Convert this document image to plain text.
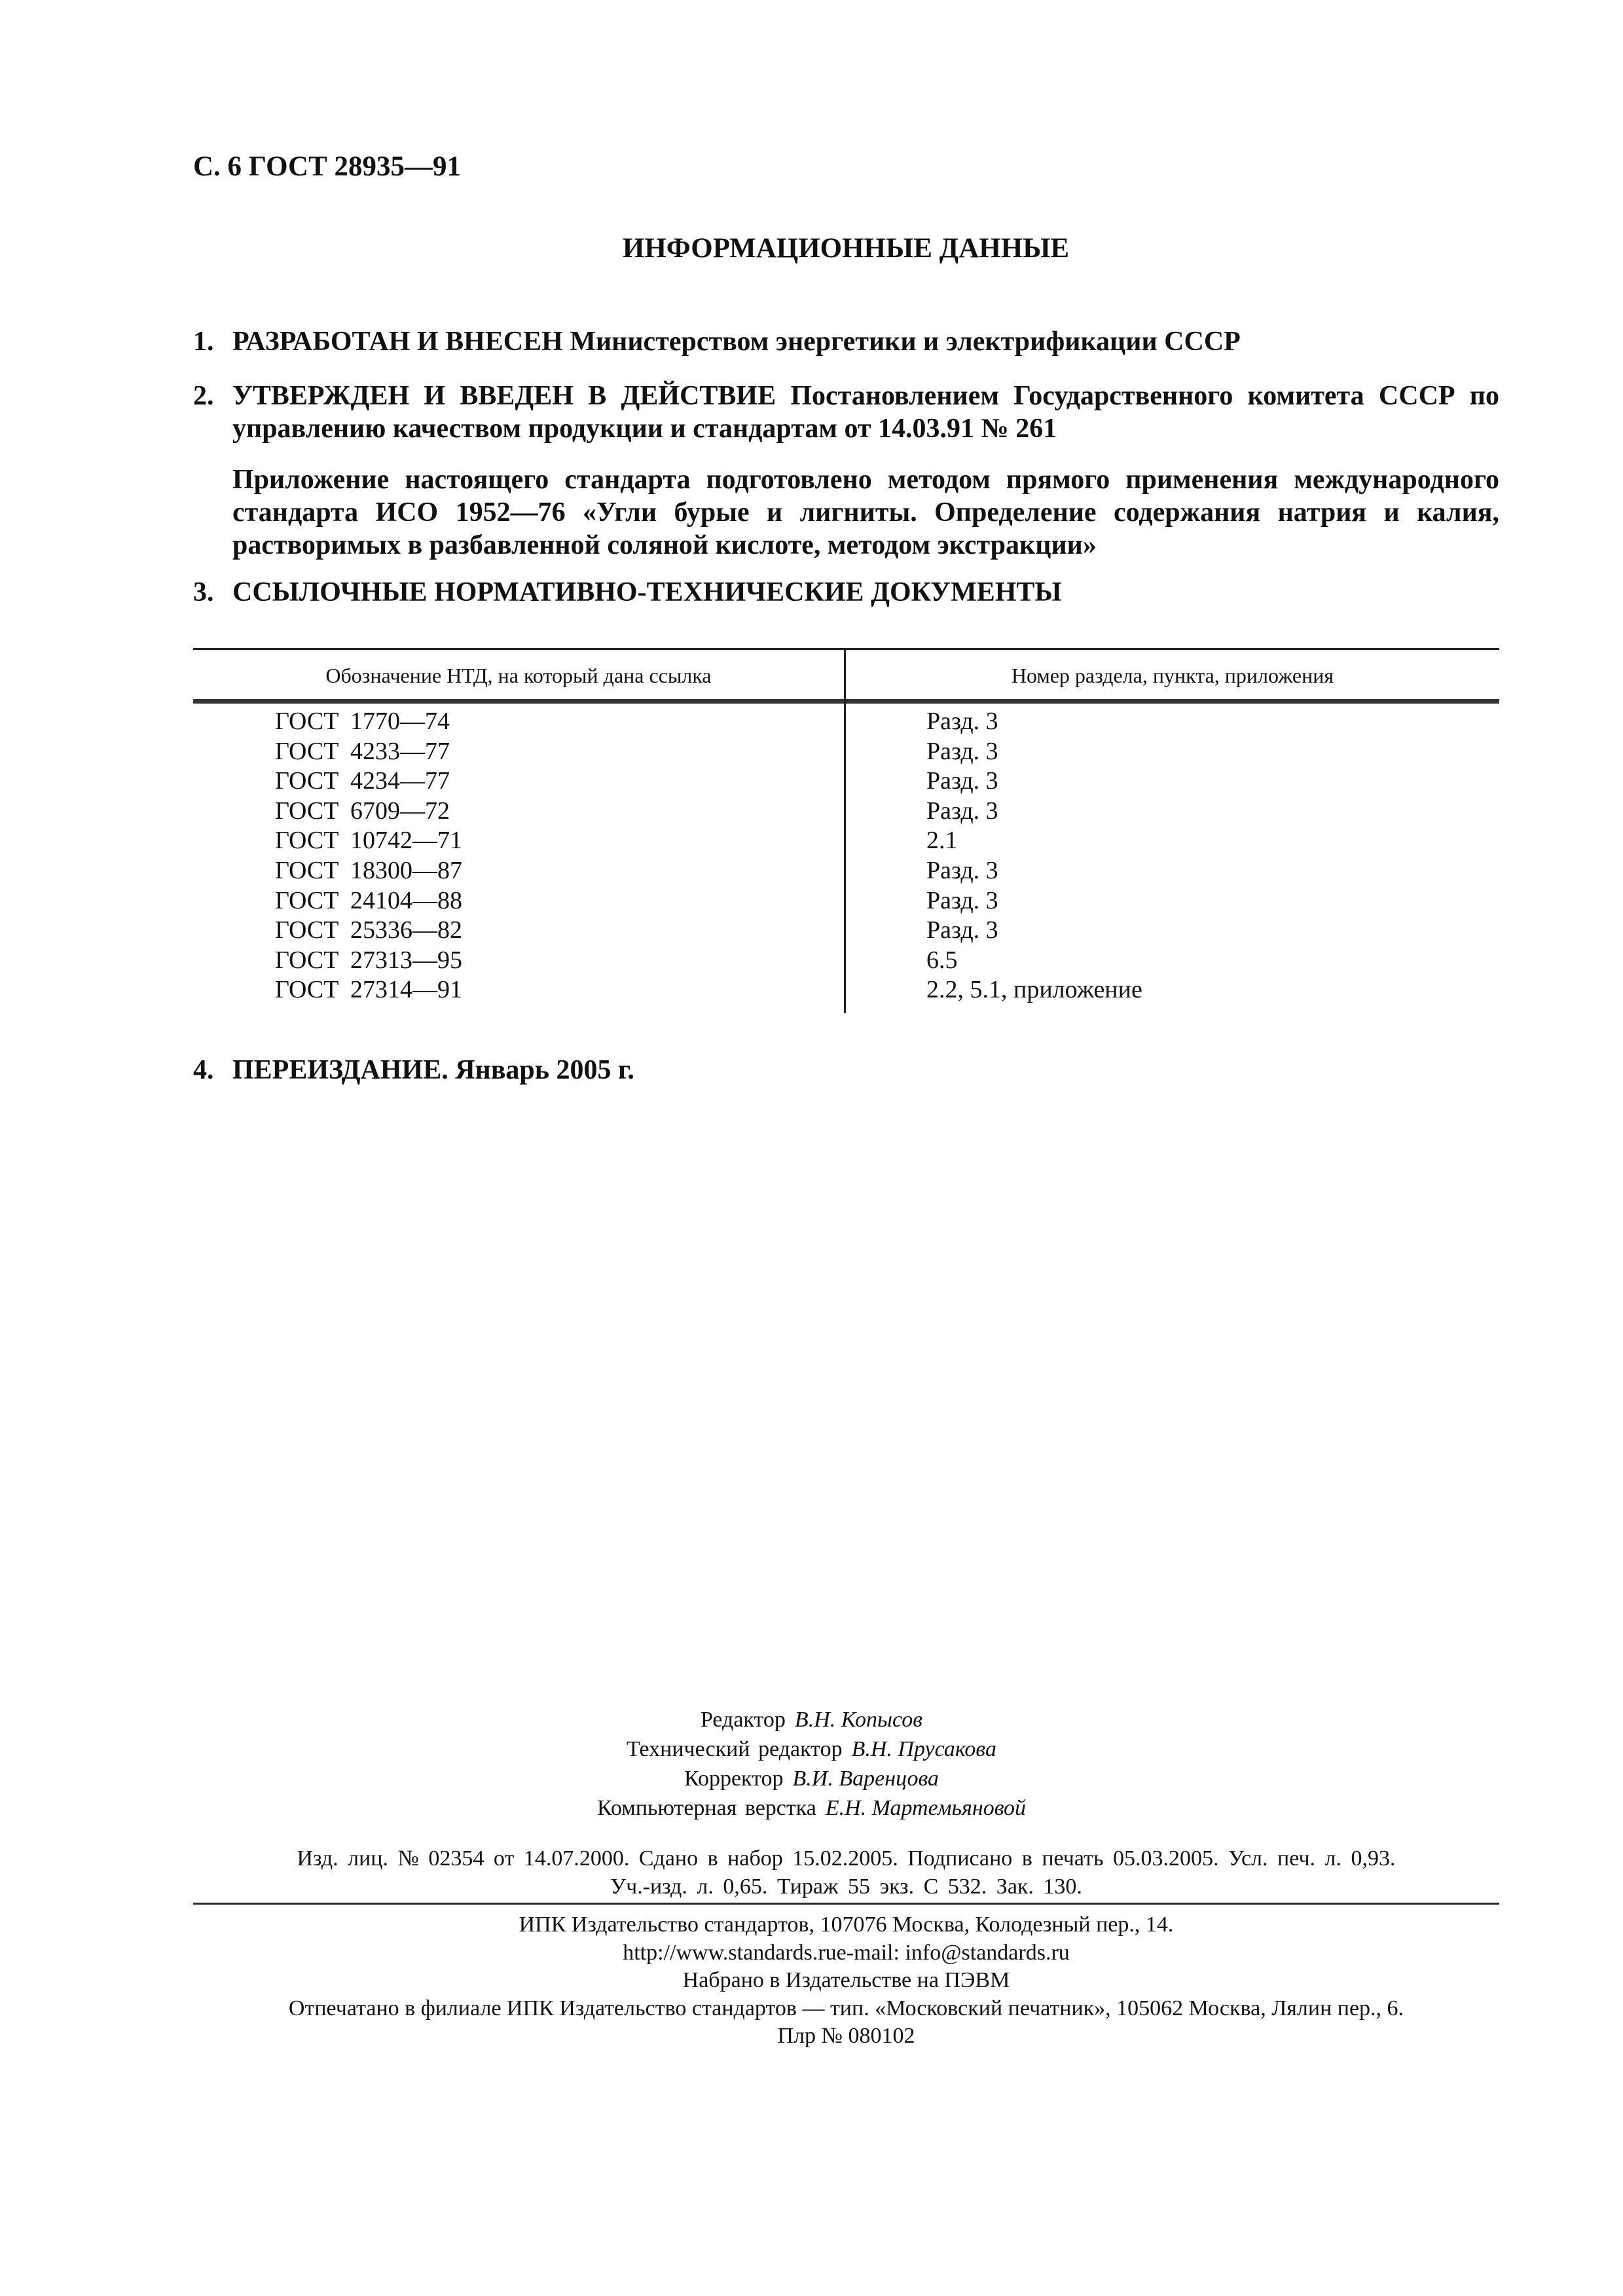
С. 6 ГОСТ 28935—91
ИНФОРМАЦИОННЫЕ ДАННЫЕ
1. РАЗРАБОТАН И ВНЕСЕН Министерством энергетики и электрификации СССР
2. УТВЕРЖДЕН И ВВЕДЕН В ДЕЙСТВИЕ Постановлением Государственного комитета СССР по управлению качеством продукции и стандартам от 14.03.91 № 261
Приложение настоящего стандарта подготовлено методом прямого применения международного стандарта ИСО 1952—76 «Угли бурые и лигниты. Определение содержания натрия и калия, растворимых в разбавленной соляной кислоте, методом экстракции»
3. ССЫЛОЧНЫЕ НОРМАТИВНО-ТЕХНИЧЕСКИЕ ДОКУМЕНТЫ
Обозначение НТД, на который дана ссылка	Номер раздела, пункта, приложения
ГОСТ 1770—74	Разд. 3
ГОСТ 4233—77	Разд. 3
ГОСТ 4234—77	Разд. 3
ГОСТ 6709—72	Разд. 3
ГОСТ 10742—71	2.1
ГОСТ 18300—87	Разд. 3
ГОСТ 24104—88	Разд. 3
ГОСТ 25336—82	Разд. 3
ГОСТ 27313—95	6.5
ГОСТ 27314—91	2.2, 5.1, приложение
4. ПЕРЕИЗДАНИЕ. Январь 2005 г.
Редактор В.Н. Копысов
Технический редактор В.Н. Прусакова
Корректор В.И. Варенцова
Компьютерная верстка Е.Н. Мартемьяновой
Изд. лиц. № 02354 от 14.07.2000. Сдано в набор 15.02.2005. Подписано в печать 05.03.2005. Усл. печ. л. 0,93.
Уч.-изд. л. 0,65. Тираж 55 экз. С 532. Зак. 130.
ИПК Издательство стандартов, 107076 Москва, Колодезный пер., 14.
http://www.standards.rue-mail: info@standards.ru
Набрано в Издательстве на ПЭВМ
Отпечатано в филиале ИПК Издательство стандартов — тип. «Московский печатник», 105062 Москва, Лялин пер., 6.
Плр № 080102
